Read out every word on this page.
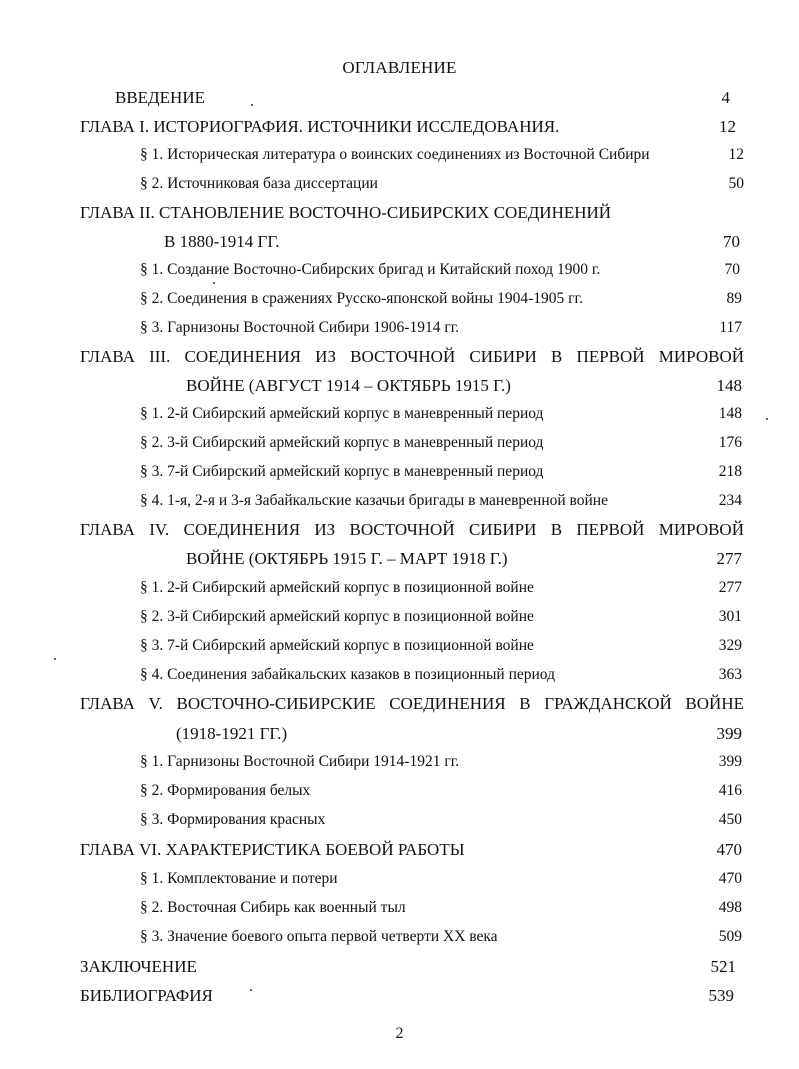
ОГЛАВЛЕНИЕ
ВВЕДЕНИЕ	4
ГЛАВА I. ИСТОРИОГРАФИЯ. ИСТОЧНИКИ ИССЛЕДОВАНИЯ.	12
§ 1. Историческая литература о воинских соединениях из Восточной Сибири	12
§ 2. Источниковая база диссертации	50
ГЛАВА II. СТАНОВЛЕНИЕ ВОСТОЧНО-СИБИРСКИХ СОЕДИНЕНИЙ
В 1880-1914 ГГ.	70
§ 1. Создание Восточно-Сибирских бригад и Китайский поход 1900 г.	70
§ 2. Соединения в сражениях Русско-японской войны 1904-1905 гг.	89
§ 3. Гарнизоны Восточной Сибири 1906-1914 гг.	117
ГЛАВА III. СОЕДИНЕНИЯ ИЗ ВОСТОЧНОЙ СИБИРИ В ПЕРВОЙ МИРОВОЙ
ВОЙНЕ (АВГУСТ 1914 – ОКТЯБРЬ 1915 Г.)	148
§ 1. 2-й Сибирский армейский корпус в маневренный период	148
§ 2. 3-й Сибирский армейский корпус в маневренный период	176
§ 3. 7-й Сибирский армейский корпус в маневренный период	218
§ 4. 1-я, 2-я и 3-я Забайкальские казачьи бригады в маневренной войне	234
ГЛАВА IV. СОЕДИНЕНИЯ ИЗ ВОСТОЧНОЙ СИБИРИ В ПЕРВОЙ МИРОВОЙ
ВОЙНЕ (ОКТЯБРЬ 1915 Г. – МАРТ 1918 Г.)	277
§ 1. 2-й Сибирский армейский корпус в позиционной войне	277
§ 2. 3-й Сибирский армейский корпус в позиционной войне	301
§ 3. 7-й Сибирский армейский корпус в позиционной войне	329
§ 4. Соединения забайкальских казаков в позиционный период	363
ГЛАВА V. ВОСТОЧНО-СИБИРСКИЕ СОЕДИНЕНИЯ В ГРАЖДАНСКОЙ ВОЙНЕ
(1918-1921 ГГ.)	399
§ 1. Гарнизоны Восточной Сибири 1914-1921 гг.	399
§ 2. Формирования белых	416
§ 3. Формирования красных	450
ГЛАВА VI. ХАРАКТЕРИСТИКА БОЕВОЙ РАБОТЫ	470
§ 1. Комплектование и потери	470
§ 2. Восточная Сибирь как военный тыл	498
§ 3. Значение боевого опыта первой четверти XX века	509
ЗАКЛЮЧЕНИЕ	521
БИБЛИОГРАФИЯ	539
2
